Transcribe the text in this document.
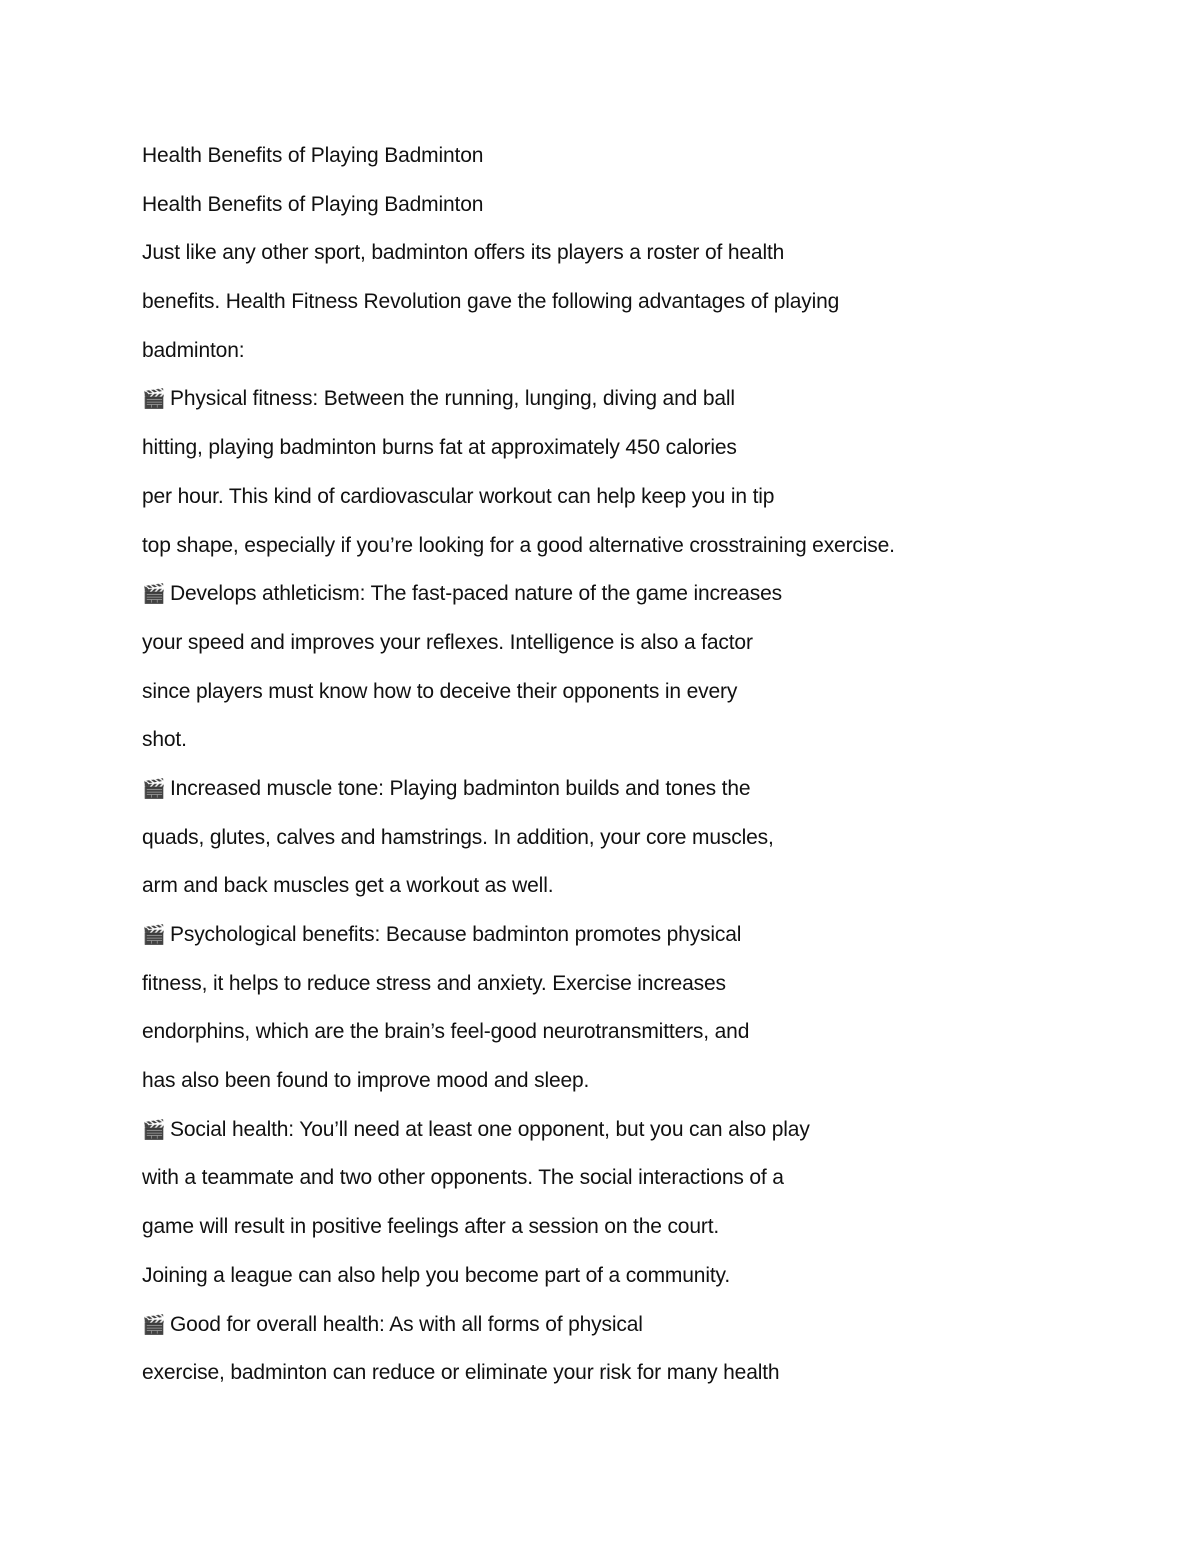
Health Benefits of Playing Badminton
Health Benefits of Playing Badminton
Just like any other sport, badminton offers its players a roster of health
benefits. Health Fitness Revolution gave the following advantages of playing
badminton:
🎬 Physical fitness: Between the running, lunging, diving and ball
hitting, playing badminton burns fat at approximately 450 calories
per hour. This kind of cardiovascular workout can help keep you in tip
top shape, especially if you’re looking for a good alternative crosstraining exercise.
🎬 Develops athleticism: The fast-paced nature of the game increases
your speed and improves your reflexes. Intelligence is also a factor
since players must know how to deceive their opponents in every
shot.
🎬 Increased muscle tone: Playing badminton builds and tones the
quads, glutes, calves and hamstrings. In addition, your core muscles,
arm and back muscles get a workout as well.
🎬 Psychological benefits: Because badminton promotes physical
fitness, it helps to reduce stress and anxiety. Exercise increases
endorphins, which are the brain’s feel-good neurotransmitters, and
has also been found to improve mood and sleep.
🎬 Social health: You’ll need at least one opponent, but you can also play
with a teammate and two other opponents. The social interactions of a
game will result in positive feelings after a session on the court.
Joining a league can also help you become part of a community.
🎬 Good for overall health: As with all forms of physical
exercise, badminton can reduce or eliminate your risk for many health
